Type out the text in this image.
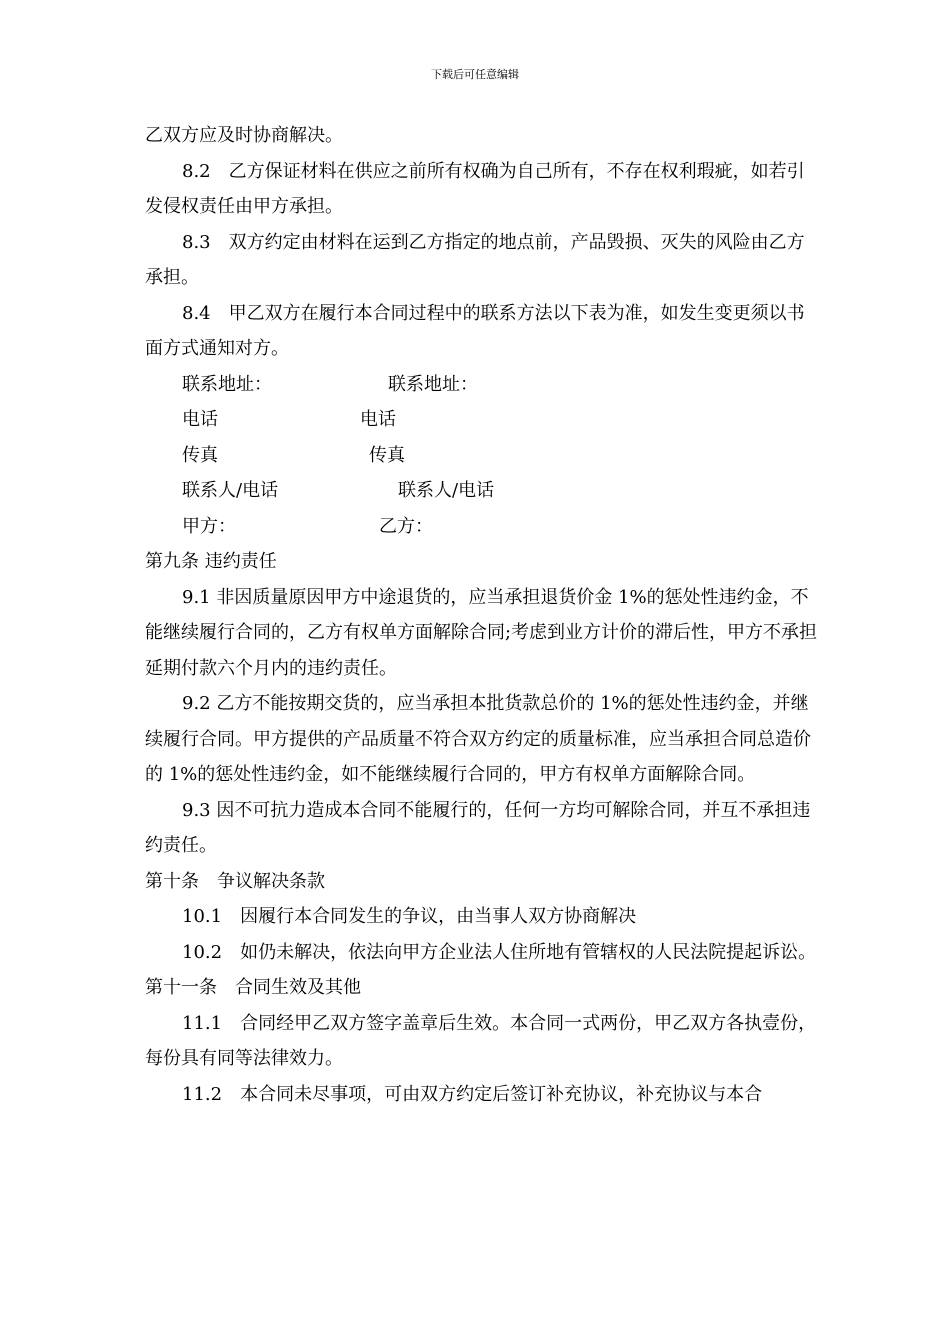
下载后可任意编辑

乙双方应及时协商解决。

8.2　乙方保证材料在供应之前所有权确为自己所有，不存在权利瑕疵，如若引发侵权责任由甲方承担。

8.3　双方约定由材料在运到乙方指定的地点前，产品毁损、灭失的风险由乙方承担。

8.4　甲乙双方在履行本合同过程中的联系方法以下表为准，如发生变更须以书面方式通知对方。

联系地址：	联系地址：
电话	电话
传真	传真
联系人/电话	联系人/电话
甲方：	乙方：

第九条 违约责任

9.1 非因质量原因甲方中途退货的，应当承担退货价金 1%的惩处性违约金，不能继续履行合同的，乙方有权单方面解除合同;考虑到业方计价的滞后性，甲方不承担延期付款六个月内的违约责任。

9.2 乙方不能按期交货的，应当承担本批货款总价的 1%的惩处性违约金，并继续履行合同。甲方提供的产品质量不符合双方约定的质量标准，应当承担合同总造价的 1%的惩处性违约金，如不能继续履行合同的，甲方有权单方面解除合同。

9.3 因不可抗力造成本合同不能履行的，任何一方均可解除合同，并互不承担违约责任。

第十条　争议解决条款

10.1　因履行本合同发生的争议，由当事人双方协商解决

10.2　如仍未解决，依法向甲方企业法人住所地有管辖权的人民法院提起诉讼。

第十一条　合同生效及其他

11.1　合同经甲乙双方签字盖章后生效。本合同一式两份，甲乙双方各执壹份，每份具有同等法律效力。

11.2　本合同未尽事项，可由双方约定后签订补充协议，补充协议与本合
